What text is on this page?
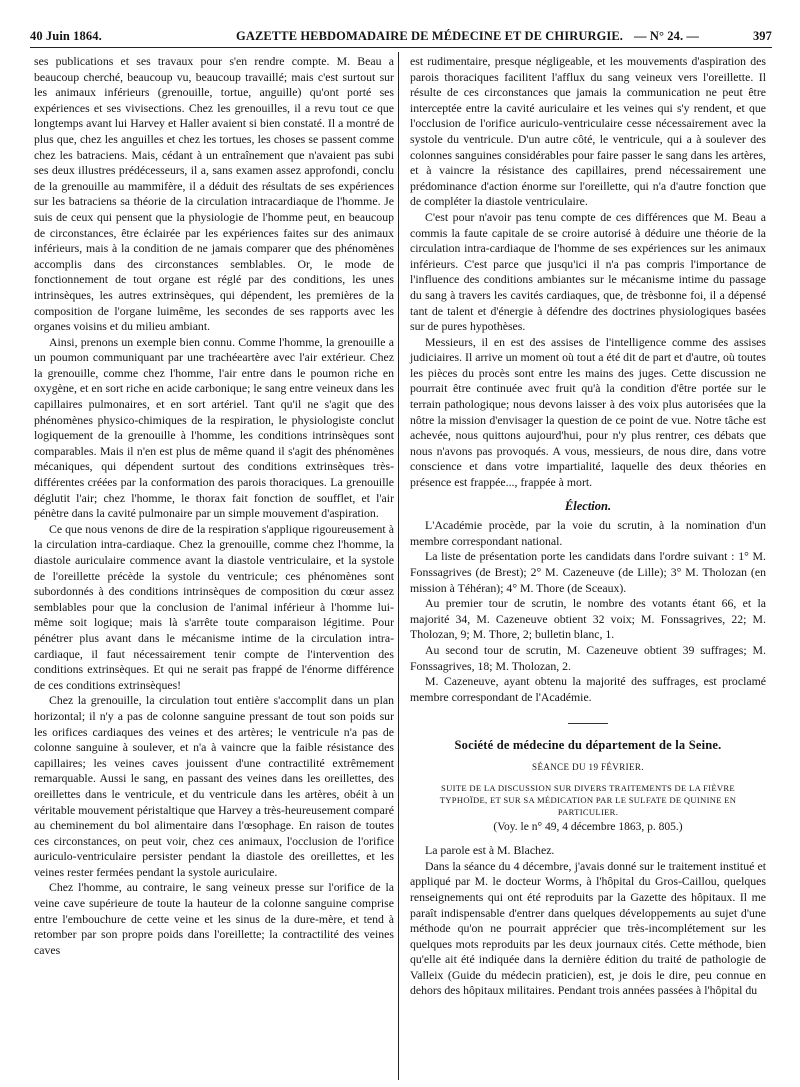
40 Juin 1864.	GAZETTE HEBDOMADAIRE DE MÉDECINE ET DE CHIRURGIE. — N° 24. —	397

ses publications et ses travaux pour s'en rendre compte. M. Beau a beaucoup cherché, beaucoup vu, beaucoup travaillé; mais c'est surtout sur les animaux inférieurs (grenouille, tortue, anguille) qu'ont porté ses expériences et ses vivisections. Chez les grenouilles, il a revu tout ce que longtemps avant lui Harvey et Haller avaient si bien constaté. Il a montré de plus que, chez les anguilles et chez les tortues, les choses se passent comme chez les batraciens. Mais, cédant à un entraînement que n'avaient pas subi ses deux illustres prédécesseurs, il a, sans examen assez approfondi, conclu de la grenouille au mammifère, il a déduit des résultats de ses expériences sur les batraciens sa théorie de la circulation intracardiaque de l'homme. Je suis de ceux qui pensent que la physiologie de l'homme peut, en beaucoup de circonstances, être éclairée par les expériences faites sur des animaux inférieurs, mais à la condition de ne jamais comparer que des phénomènes accomplis dans des circonstances semblables. Or, le mode de fonctionnement de tout organe est réglé par des conditions, les unes intrinsèques, les autres extrinsèques, qui dépendent, les premières de la composition de l'organe luimême, les secondes de ses rapports avec les organes voisins et du milieu ambiant.

Ainsi, prenons un exemple bien connu. Comme l'homme, la grenouille a un poumon communiquant par une trachéeartère avec l'air extérieur. Chez la grenouille, comme chez l'homme, l'air entre dans le poumon riche en oxygène, et en sort riche en acide carbonique; le sang entre veineux dans les capillaires pulmonaires, et en sort artériel. Tant qu'il ne s'agit que des phénomènes physico-chimiques de la respiration, le physiologiste conclut logiquement de la grenouille à l'homme, les conditions intrinsèques sont comparables. Mais il n'en est plus de même quand il s'agit des phénomènes mécaniques, qui dépendent surtout des conditions extrinsèques très-différentes créées par la conformation des parois thoraciques. La grenouille déglutit l'air; chez l'homme, le thorax fait fonction de soufflet, et l'air pénètre dans la cavité pulmonaire par un simple mouvement d'aspiration.

Ce que nous venons de dire de la respiration s'applique rigoureusement à la circulation intra-cardiaque. Chez la grenouille, comme chez l'homme, la diastole auriculaire commence avant la diastole ventriculaire, et la systole de l'oreillette précède la systole du ventricule; ces phénomènes sont subordonnés à des conditions intrinsèques de composition du cœur assez semblables pour que la conclusion de l'animal inférieur à l'homme lui-même soit logique; mais là s'arrête toute comparaison légitime. Pour pénétrer plus avant dans le mécanisme intime de la circulation intra-cardiaque, il faut nécessairement tenir compte de l'intervention des conditions extrinsèques. Et qui ne serait pas frappé de l'énorme différence de ces conditions extrinsèques!

Chez la grenouille, la circulation tout entière s'accomplit dans un plan horizontal; il n'y a pas de colonne sanguine pressant de tout son poids sur les orifices cardiaques des veines et des artères; le ventricule n'a pas de colonne sanguine à soulever, et n'a à vaincre que la faible résistance des capillaires; les veines caves jouissent d'une contractilité extrêmement remarquable. Aussi le sang, en passant des veines dans les oreillettes, des oreillettes dans le ventricule, et du ventricule dans les artères, obéit à un véritable mouvement péristaltique que Harvey a très-heureusement comparé au cheminement du bol alimentaire dans l'œsophage. En raison de toutes ces circonstances, on peut voir, chez ces animaux, l'occlusion de l'orifice auriculo-ventriculaire persister pendant la diastole des oreillettes, et les veines rester fermées pendant la systole auriculaire.

Chez l'homme, au contraire, le sang veineux presse sur l'orifice de la veine cave supérieure de toute la hauteur de la colonne sanguine comprise entre l'embouchure de cette veine et les sinus de la dure-mère, et tend à retomber par son propre poids dans l'oreillette; la contractilité des veines caves

est rudimentaire, presque négligeable, et les mouvements d'aspiration des parois thoraciques facilitent l'afflux du sang veineux vers l'oreillette. Il résulte de ces circonstances que jamais la communication ne peut être interceptée entre la cavité auriculaire et les veines qui s'y rendent, et que l'occlusion de l'orifice auriculo-ventriculaire cesse nécessairement avec la systole du ventricule. D'un autre côté, le ventricule, qui a à soulever des colonnes sanguines considérables pour faire passer le sang dans les artères, et à vaincre la résistance des capillaires, prend nécessairement une prédominance d'action énorme sur l'oreillette, qui n'a d'autre fonction que de compléter la diastole ventriculaire.

C'est pour n'avoir pas tenu compte de ces différences que M. Beau a commis la faute capitale de se croire autorisé à déduire une théorie de la circulation intra-cardiaque de l'homme de ses expériences sur les animaux inférieurs. C'est parce que jusqu'ici il n'a pas compris l'importance de l'influence des conditions ambiantes sur le mécanisme intime du passage du sang à travers les cavités cardiaques, que, de trèsbonne foi, il a dépensé tant de talent et d'énergie à défendre des doctrines physiologiques basées sur de pures hypothèses.

Messieurs, il en est des assises de l'intelligence comme des assises judiciaires. Il arrive un moment où tout a été dit de part et d'autre, où toutes les pièces du procès sont entre les mains des juges. Cette discussion ne pourrait être continuée avec fruit qu'à la condition d'être portée sur le terrain pathologique; nous devons laisser à des voix plus autorisées que la nôtre la mission d'envisager la question de ce point de vue. Notre tâche est achevée, nous quittons aujourd'hui, pour n'y plus rentrer, ces débats que nous n'avons pas provoqués. A vous, messieurs, de nous dire, dans votre conscience et dans votre impartialité, laquelle des deux théories en présence est frappée..., frappée à mort.

Élection.

L'Académie procède, par la voie du scrutin, à la nomination d'un membre correspondant national.

La liste de présentation porte les candidats dans l'ordre suivant : 1° M. Fonssagrives (de Brest); 2° M. Cazeneuve (de Lille); 3° M. Tholozan (en mission à Téhéran); 4° M. Thore (de Sceaux).

Au premier tour de scrutin, le nombre des votants étant 66, et la majorité 34, M. Cazeneuve obtient 32 voix; M. Fonssagrives, 22; M. Tholozan, 9; M. Thore, 2; bulletin blanc, 1.

Au second tour de scrutin, M. Cazeneuve obtient 39 suffrages; M. Fonssagrives, 18; M. Tholozan, 2.

M. Cazeneuve, ayant obtenu la majorité des suffrages, est proclamé membre correspondant de l'Académie.

Société de médecine du département de la Seine.
SÉANCE DU 19 FÉVRIER.
SUITE DE LA DISCUSSION SUR DIVERS TRAITEMENTS DE LA FIÈVRE TYPHOÏDE, ET SUR SA MÉDICATION PAR LE SULFATE DE QUININE EN PARTICULIER.
(Voy. le n° 49, 4 décembre 1863, p. 805.)

La parole est à M. Blachez.

Dans la séance du 4 décembre, j'avais donné sur le traitement institué et appliqué par M. le docteur Worms, à l'hôpital du Gros-Caillou, quelques renseignements qui ont été reproduits par la Gazette des hôpitaux. Il me paraît indispensable d'entrer dans quelques développements au sujet d'une méthode qu'on ne pourrait apprécier que très-incomplétement sur les quelques mots reproduits par les deux journaux cités. Cette méthode, bien qu'elle ait été indiquée dans la dernière édition du traité de pathologie de Valleix (Guide du médecin praticien), est, je dois le dire, peu connue en dehors des hôpitaux militaires. Pendant trois années passées à l'hôpital du
